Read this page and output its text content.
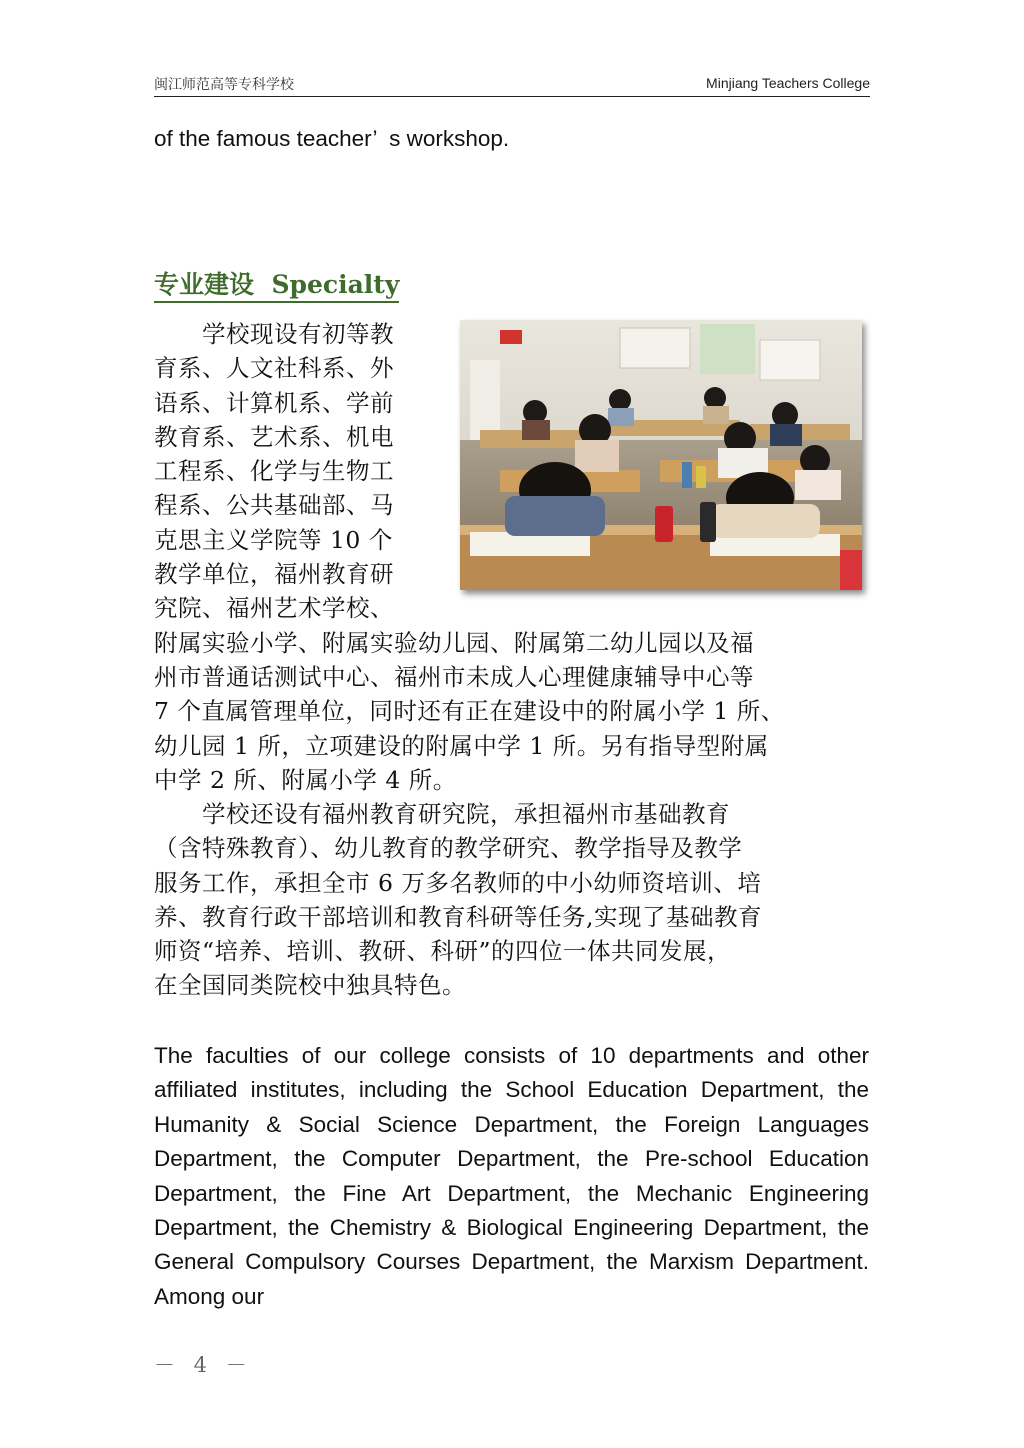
闽江师范高等专科学校	Minjiang Teachers College
of the famous teacher’  s workshop.
专业建设 Specialty
　　学校现设有初等教
育系、人文社科系、外
语系、计算机系、学前
教育系、艺术系、机电
工程系、化学与生物工
程系、公共基础部、马
克思主义学院等 10 个
教学单位，福州教育研
究院、福州艺术学校、
附属实验小学、附属实验幼儿园、附属第二幼儿园以及福
州市普通话测试中心、福州市未成人心理健康辅导中心等
7 个直属管理单位，同时还有正在建设中的附属小学 1 所、
幼儿园 1 所，立项建设的附属中学 1 所。另有指导型附属
中学 2 所、附属小学 4 所。
　　学校还设有福州教育研究院，承担福州市基础教育
（含特殊教育）、幼儿教育的教学研究、教学指导及教学
服务工作，承担全市 6 万多名教师的中小幼师资培训、培
养、教育行政干部培训和教育科研等任务,实现了基础教育
师资“培养、培训、教研、科研”的四位一体共同发展，
在全国同类院校中独具特色。
The faculties of our college consists of 10 departments and other affiliated institutes, including the School Education Department, the Humanity & Social Science Department, the Foreign Languages Department, the Computer Department, the Pre-school Education Department, the Fine Art Department, the Mechanic Engineering Department, the Chemistry & Biological Engineering Department, the General Compulsory Courses Department, the Marxism Department. Among our
－ 4 －
